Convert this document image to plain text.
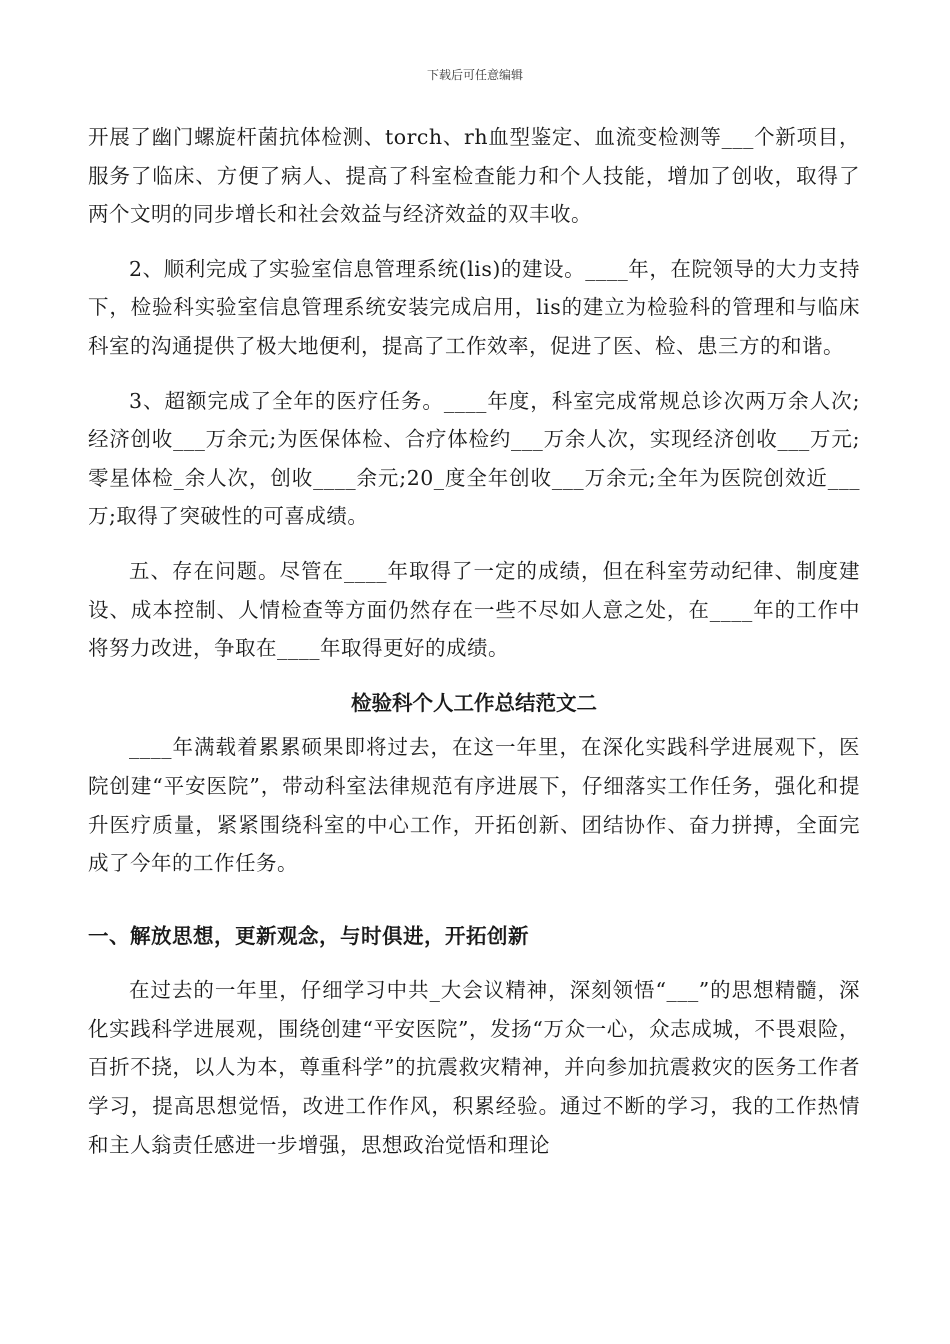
下载后可任意编辑

开展了幽门螺旋杆菌抗体检测、torch、rh血型鉴定、血流变检测等___个新项目，服务了临床、方便了病人、提高了科室检查能力和个人技能，增加了创收，取得了两个文明的同步增长和社会效益与经济效益的双丰收。

2、顺利完成了实验室信息管理系统(lis)的建设。____年，在院领导的大力支持下，检验科实验室信息管理系统安装完成启用，lis的建立为检验科的管理和与临床科室的沟通提供了极大地便利，提高了工作效率，促进了医、检、患三方的和谐。

3、超额完成了全年的医疗任务。____年度，科室完成常规总诊次两万余人次;经济创收___万余元;为医保体检、合疗体检约___万余人次，实现经济创收___万元;零星体检_余人次，创收____余元;20_度全年创收___万余元;全年为医院创效近___万;取得了突破性的可喜成绩。

五、存在问题。尽管在____年取得了一定的成绩，但在科室劳动纪律、制度建设、成本控制、人情检查等方面仍然存在一些不尽如人意之处，在____年的工作中将努力改进，争取在____年取得更好的成绩。

检验科个人工作总结范文二

____年满载着累累硕果即将过去，在这一年里，在深化实践科学进展观下，医院创建“平安医院”，带动科室法律规范有序进展下，仔细落实工作任务，强化和提升医疗质量，紧紧围绕科室的中心工作，开拓创新、团结协作、奋力拼搏，全面完成了今年的工作任务。

一、解放思想，更新观念，与时俱进，开拓创新

在过去的一年里，仔细学习中共_大会议精神，深刻领悟“___”的思想精髓，深化实践科学进展观，围绕创建“平安医院”，发扬“万众一心，众志成城，不畏艰险，百折不挠，以人为本，尊重科学”的抗震救灾精神，并向参加抗震救灾的医务工作者学习，提高思想觉悟，改进工作作风，积累经验。通过不断的学习，我的工作热情和主人翁责任感进一步增强，思想政治觉悟和理论
